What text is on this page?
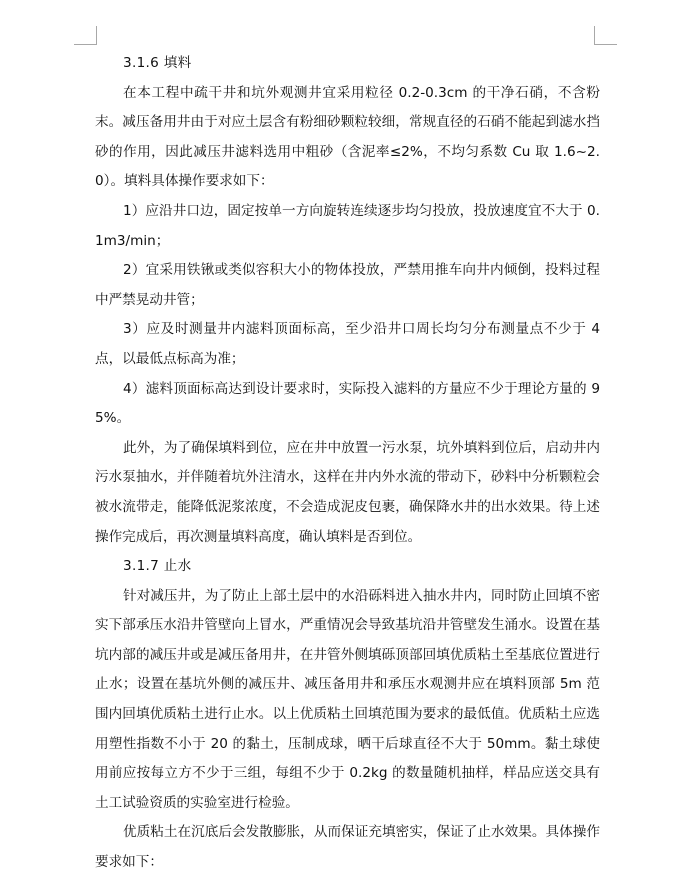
3.1.6 填料

在本工程中疏干井和坑外观测井宜采用粒径 0.2-0.3cm 的干净石硝，不含粉末。减压备用井由于对应土层含有粉细砂颗粒较细，常规直径的石硝不能起到滤水挡砂的作用，因此减压井滤料选用中粗砂（含泥率≤2%，不均匀系数 Cu 取 1.6~2.0）。填料具体操作要求如下：

1）应沿井口边，固定按单一方向旋转连续逐步均匀投放，投放速度宜不大于 0.1m3/min；

2）宜采用铁锹或类似容积大小的物体投放，严禁用推车向井内倾倒，投料过程中严禁晃动井管；

3）应及时测量井内滤料顶面标高，至少沿井口周长均匀分布测量点不少于 4 点，以最低点标高为准；

4）滤料顶面标高达到设计要求时，实际投入滤料的方量应不少于理论方量的 95%。

此外，为了确保填料到位，应在井中放置一污水泵，坑外填料到位后，启动井内污水泵抽水，并伴随着坑外注清水，这样在井内外水流的带动下，砂料中分析颗粒会被水流带走，能降低泥浆浓度，不会造成泥皮包裹，确保降水井的出水效果。待上述操作完成后，再次测量填料高度，确认填料是否到位。

3.1.7 止水

针对减压井，为了防止上部土层中的水沿砾料进入抽水井内，同时防止回填不密实下部承压水沿井管壁向上冒水，严重情况会导致基坑沿井管壁发生涌水。设置在基坑内部的减压井或是减压备用井，在井管外侧填砾顶部回填优质粘土至基底位置进行止水；设置在基坑外侧的减压井、减压备用井和承压水观测井应在填料顶部 5m 范围内回填优质粘土进行止水。以上优质粘土回填范围为要求的最低值。优质粘土应选用塑性指数不小于 20 的黏土，压制成球，晒干后球直径不大于 50mm。黏土球使用前应按每立方不少于三组，每组不少于 0.2kg 的数量随机抽样，样品应送交具有土工试验资质的实验室进行检验。

优质粘土在沉底后会发散膨胀，从而保证充填密实，保证了止水效果。具体操作要求如下：
